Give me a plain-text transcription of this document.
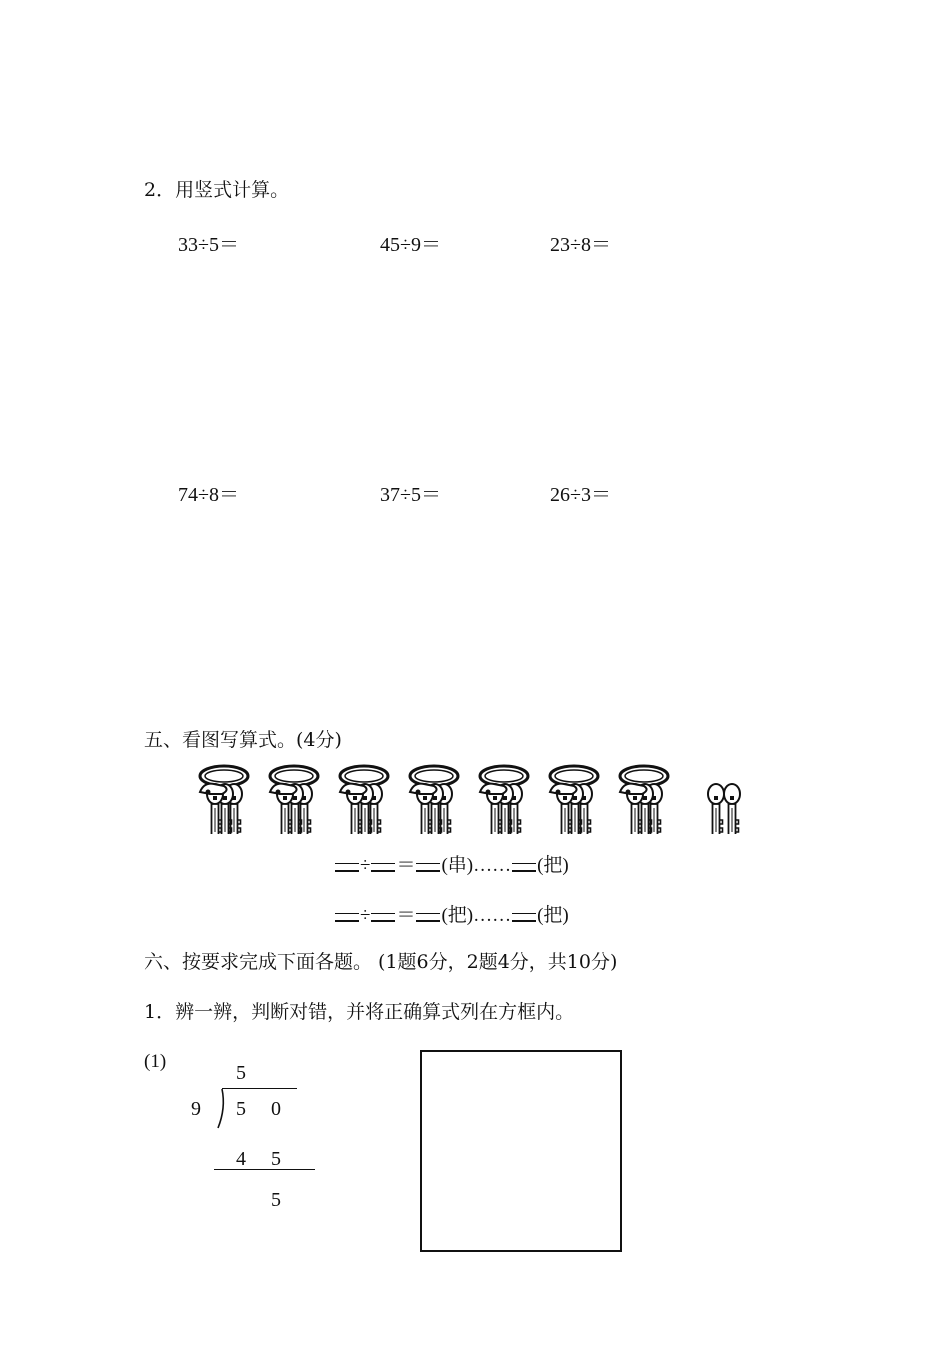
2．用竖式计算。
33÷5＝	45÷9＝	23÷8＝
74÷8＝	37÷5＝	26÷3＝
五、看图写算式。(4分)
÷ ＝ (串)…… (把)
÷ ＝ (把)…… (把)
六、按要求完成下面各题。 (1题6分，2题4分，共10分)
1．辨一辨，判断对错，并将正确算式列在方框内。
(1)
5
9 5 0
4 5
5
